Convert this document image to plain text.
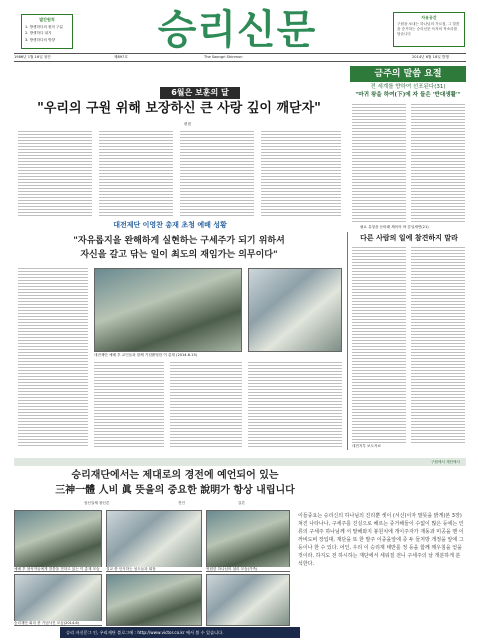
발간원칙
1. 방생하다의 원칙 구분
2. 방생하다 취지
3. 방생하다의 방향	승리신문	자유공간
구원을 보내는 하나님의 가르침, 그 말씀을 증거하는 승리신문 독자의 목소리를 담습니다
1986년 1월 16일 창간	제897호	The Soongri Shinmun	2014년 6월 18일 발행
6월은 보훈의 달
"우리의 구원 위해 보장하신 큰 사랑 깊이 깨닫자"
편집
금주의 말씀 요절
전 세계를 향하여 선포된다(31)
"마귀 왕을 하여(下)에 자 들은 '반대생활'"
필요 유청을 듣따래 제어의 바 감입세연(21)
대전제단 이영찬 총재 초청 예배 성황
"자유롭지을 완해하게 실현하는 구세주가 되기 위하셔
자신을 갈고 닦는 일이 최도의 재임가는 의무이다"
대전제단 예배 후 교인들과 함께 기념촬영한 이 총재 (2014.6.15)
다른 사람의 일에 참견하지 말라
대전지부 보도자료
구원에서 재단에서
승리재단에서는 제대로의 경전에 예언되어 있는
三神一體 人비 眞 뜻을의 중요한 說明가 항상 내립니다
삼신일체 창신론	전인	갈론
예배 후 참석자들에게 말씀을 전하고 있는 이 총재 모습	설교 중 인사하는 성도들과 회장	영원한 하나님의 섭리 모습(가족)
승리재단 회의 중 기념사진 모습(2014.6)
이들중요는 승리신의 하나님의 진리뿐 셋이 (서신)이자 말뜻을 밝게(본 3장) 쳐진 나타나나, 구세주를 진실으로 해르는 증거해들이 수없이 많은 등에는 인류의 구세주 하나님께 서 말해와지 봉원치에 개이주자가 재동과 미공을 맨 이까비도비 장입대, 재단을 또 한 발주 이중을앞에 증 두 들처방 개정을 앞에 그 등이나 한 수 있다. 어인, 우리 이 승리재 태반를 정 등을 함께 깨우침을 얻을 것이라. 하지도 전 하시하는 재단에서 세워질 전니 구세주의 날 개분하게 분석한다.
승리 자신문그 인, 우리재단 블로그에 : http://www.victor.co.kr 에서 볼 수 있습니다.
